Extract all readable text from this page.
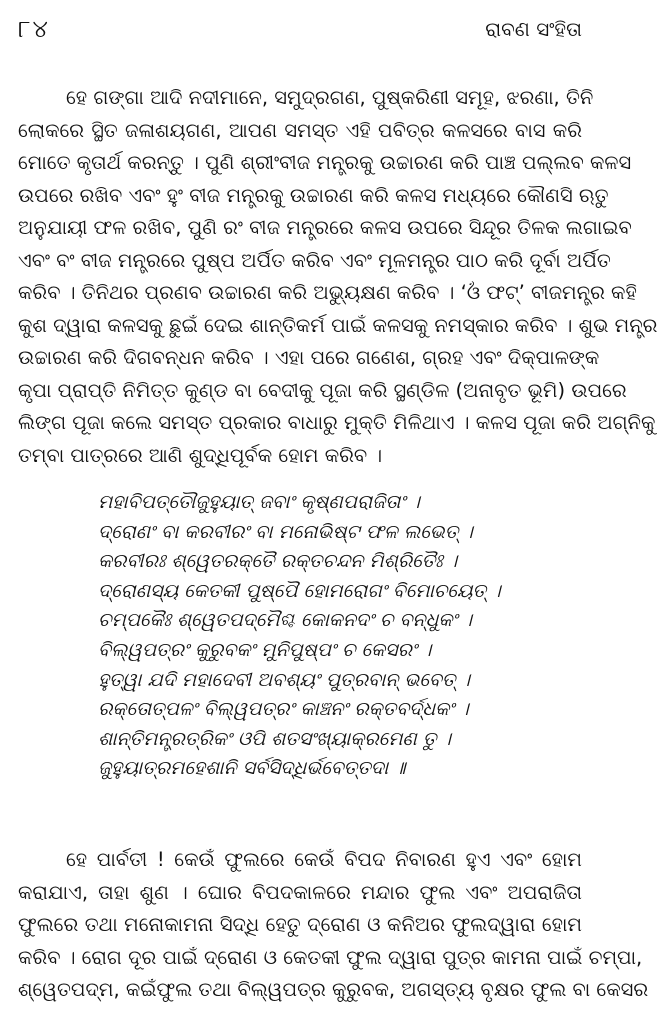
୮୪	ରାବଣ ସଂହିତା
ହେ ଗଙ୍ଗା ଆଦି ନଦୀମାନେ, ସମୁଦ୍ରଗଣ, ପୁଷ୍କରିଣୀ ସମୂହ, ଝରଣା, ତିନି
ଲୋକରେ ସ୍ଥିତ ଜଳାଶୟଗଣ, ଆପଣ ସମସ୍ତ ଏହି ପବିତ୍ର କଳସରେ ବାସ କରି
ମୋତେ କୃତାର୍ଥ କରନ୍ତୁ । ପୁଣି ଶ୍ରୀଂବୀଜ ମନ୍ତ୍ରକୁ ଉଚ୍ଚାରଣ କରି ପାଞ୍ଚ ପଲ୍ଲବ କଳସ
ଉପରେ ରଖିବ ଏବଂ ହୁଂ ବୀଜ ମନ୍ତ୍ରକୁ ଉଚ୍ଚାରଣ କରି କଳସ ମଧ୍ୟରେ କୌଣସି ଋତୁ
ଅନୁଯାୟୀ ଫଳ ରଖିବ, ପୁଣି ରଂ ବୀଜ ମନ୍ତ୍ରରେ କଳସ ଉପରେ ସିନ୍ଦୂର ତିଳକ ଲଗାଇବ
ଏବଂ ବଂ ବୀଜ ମନ୍ତ୍ରରେ ପୁଷ୍ପ ଅର୍ପିତ କରିବ ଏବଂ ମୂଳମନ୍ତ୍ର ପାଠ କରି ଦୂର୍ବା ଅର୍ପିତ
କରିବ । ତିନିଥର ପ୍ରଣବ ଉଚ୍ଚାରଣ କରି ଅଭ୍ୟୁକ୍ଷଣ କରିବ । ‘ଓଁ ଫଟ୍’ ବୀଜମନ୍ତ୍ର କହି
କୁଶ ଦ୍ୱାରା କଳସକୁ ଛୁଇଁ ଦେଇ ଶାନ୍ତିକର୍ମ ପାଇଁ କଳସକୁ ନମସ୍କାର କରିବ । ଶୁଭ ମନ୍ତ୍ର
ଉଚ୍ଚାରଣ କରି ଦିଗବନ୍ଧନ କରିବ । ଏହା ପରେ ଗଣେଶ, ଗ୍ରହ ଏବଂ ଦିକ୍‌ପାଳଙ୍କ
କୃପା ପ୍ରାପ୍ତି ନିମିତ୍ତ କୁଣ୍ଡ ବା ବେଦୀକୁ ପୂଜା କରି ସ୍ଥଣ୍ଡିଳ (ଅନାବୃତ ଭୂମି) ଉପରେ
ଲିଙ୍ଗ ପୂଜା କଲେ ସମସ୍ତ ପ୍ରକାର ବାଧାରୁ ମୁକ୍ତି ମିଳିଥାଏ । କଳସ ପୂଜା କରି ଅଗ୍ନିକୁ
ତମ୍ବା ପାତ୍ରରେ ଆଣି ଶୁଦ୍ଧିପୂର୍ବକ ହୋମ କରିବ ।
ମହାବିପତ୍ତୌଜୁହୁୟାତ୍ ଜବାଂ କୃଷ୍ଣପରାଜିତାଂ ।
ଦ୍ରୋଣଂ ବା କରବୀରଂ ବା ମନୋଭିଷ୍ଟ ଫଳ ଲଭେତ୍ ।
କରବୀରଃ ଶ୍ୱେତରକ୍ତୈ ରକ୍ତଚନ୍ଦନ ମିଶ୍ରିତୈଃ ।
ଦ୍ରୋଣସ୍ୟ କେତକୀ ପୁଷ୍ପୈ ହୋମରୋଗଂ ବିମୋଚୟେତ୍ ।
ଚମ୍ପକୈଃ ଶ୍ୱେତପଦ୍ମୈଶ୍ଚ କୋକନଦଂ ଚ ବନ୍ଧୁକଂ ।
ବିଲ୍ୱପତ୍ରଂ କୁରୁବକଂ ମୁନିପୁଷ୍ପଂ ଚ କେସରଂ ।
ହୁତ୍ୱା ଯଦି ମହାଦେବୀ ଅବଶ୍ୟଂ ପୁତ୍ରବାନ୍ ଭବେତ୍ ।
ରକ୍ତୋତ୍ପଳଂ ବିଲ୍ୱପତ୍ରଂ କାଞ୍ଚନଂ ରକ୍ତବର୍ଦ୍ଧକଂ ।
ଶାନ୍ତିମନ୍ତ୍ରତ୍ରିକଂ ଓପି ଶତସଂଖ୍ୟାକ୍ରମେଣ ତୁ ।
ଜୁହୁୟାତ୍ରମହେଶାନି ସର୍ବସିଦ୍ଧିର୍ଭବେତ୍ତଦା ॥
ହେ ପାର୍ବତୀ ! କେଉଁ ଫୁଲରେ କେଉଁ ବିପଦ ନିବାରଣ ହୁଏ ଏବଂ ହୋମ
କରାଯାଏ, ତାହା ଶୁଣ । ଘୋର ବିପଦକାଳରେ ମନ୍ଦାର ଫୁଲ ଏବଂ ଅପରାଜିତା
ଫୁଲରେ ତଥା ମନୋକାମନା ସିଦ୍ଧି ହେତୁ ଦ୍ରୋଣ ଓ କନିଅର ଫୁଲଦ୍ୱାରା ହୋମ
କରିବ । ରୋଗ ଦୂର ପାଇଁ ଦ୍ରୋଣ ଓ କେତକୀ ଫୁଲ ଦ୍ୱାରା ପୁତ୍ର କାମନା ପାଇଁ ଚମ୍ପା,
ଶ୍ୱେତପଦ୍ମ, କଇଁଫୁଲ ତଥା ବିଲ୍ୱପତ୍ର କୁରୁବକ, ଅଗସ୍ତ୍ୟ ବୃକ୍ଷର ଫୁଲ ବା କେସର
